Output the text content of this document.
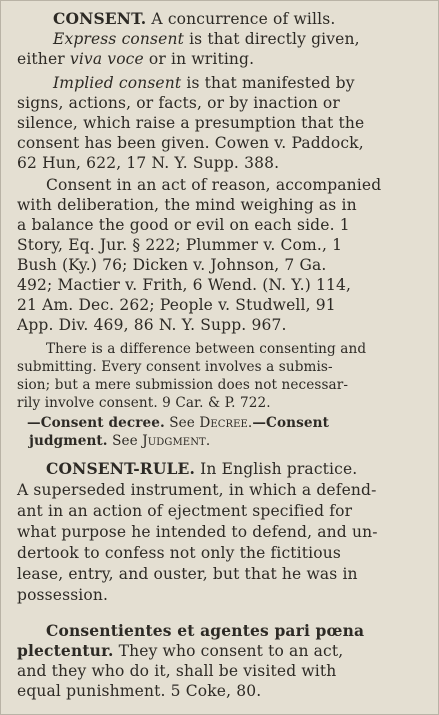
CONSENT. A concurrence of wills.

Express consent is that directly given,

either viva voce or in writing.

Implied consent is that manifested by

signs, actions, or facts, or by inaction or

silence, which raise a presumption that the

consent has been given. Cowen v. Paddock,

62 Hun, 622, 17 N. Y. Supp. 388.

Consent in an act of reason, accompanied

with deliberation, the mind weighing as in

a balance the good or evil on each side. 1

Story, Eq. Jur. § 222; Plummer v. Com., 1

Bush (Ky.) 76; Dicken v. Johnson, 7 Ga.

492; Mactier v. Frith, 6 Wend. (N. Y.) 114,

21 Am. Dec. 262; People v. Studwell, 91

App. Div. 469, 86 N. Y. Supp. 967.

There is a difference between consenting and

submitting. Every consent involves a submis-

sion; but a mere submission does not necessar-

rily involve consent. 9 Car. & P. 722.

—Consent decree. See Decree.—Consent

judgment. See Judgment.

CONSENT-RULE. In English practice.

A superseded instrument, in which a defend-

ant in an action of ejectment specified for

what purpose he intended to defend, and un-

dertook to confess not only the fictitious

lease, entry, and ouster, but that he was in

possession.

Consentientes et agentes pari pœna

plectentur. They who consent to an act,

and they who do it, shall be visited with

equal punishment. 5 Coke, 80.
